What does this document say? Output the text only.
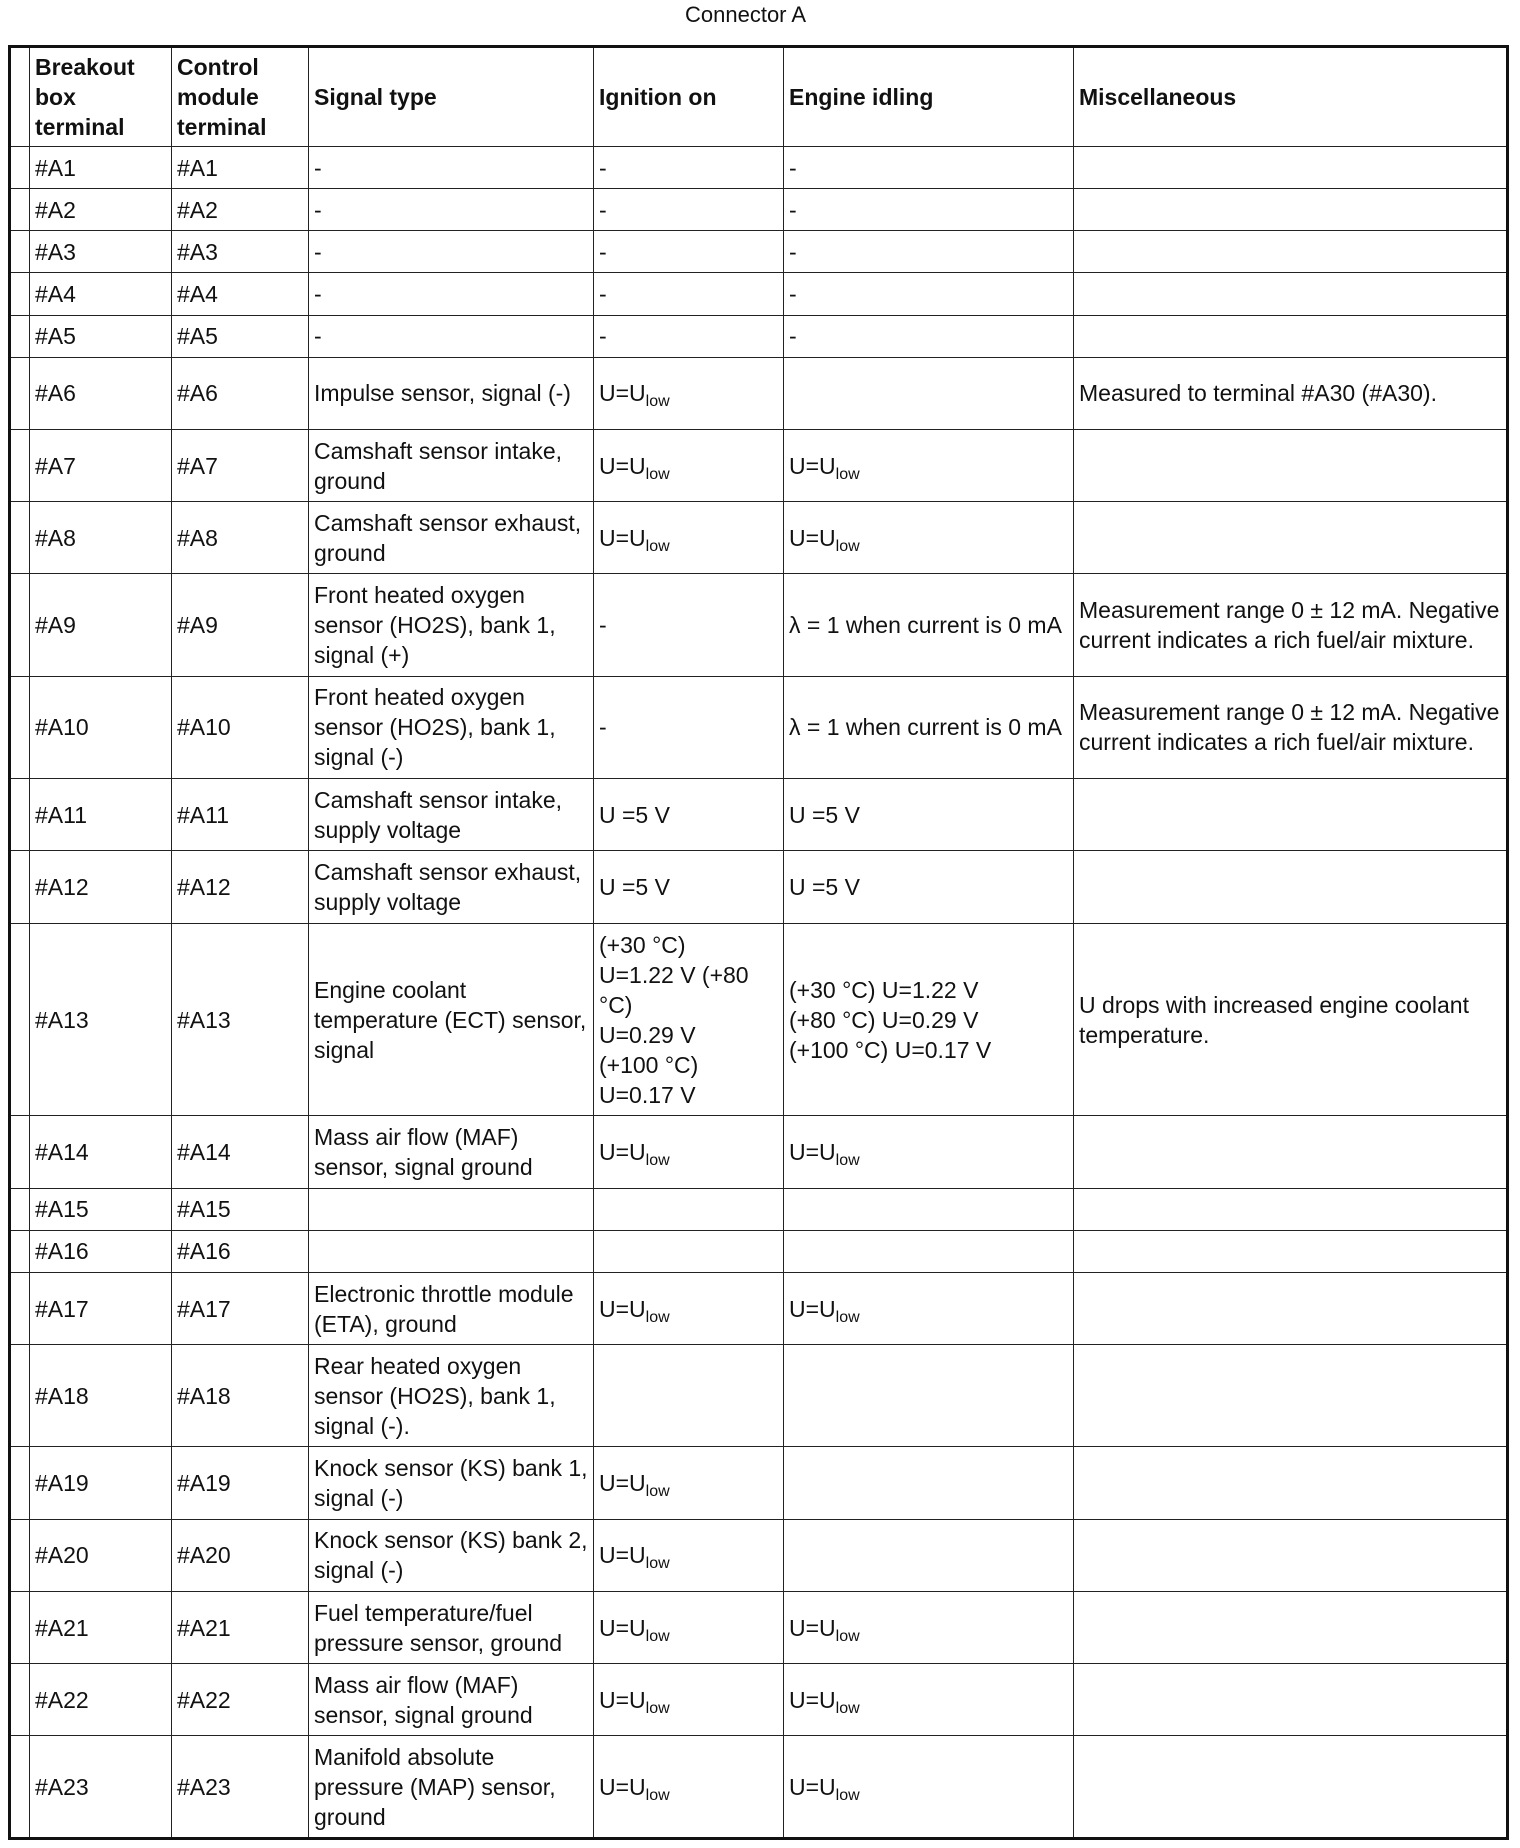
Connector A
	Breakout box terminal	Control module terminal	Signal type	Ignition on	Engine idling	Miscellaneous
	#A1	#A1	-	-	-	
	#A2	#A2	-	-	-	
	#A3	#A3	-	-	-	
	#A4	#A4	-	-	-	
	#A5	#A5	-	-	-	
	#A6	#A6	Impulse sensor, signal (-)	$U=U_{low}$		Measured to terminal #A30 (#A30).
	#A7	#A7	Camshaft sensor intake, ground	$U=U_{low}$	$U=U_{low}$	
	#A8	#A8	Camshaft sensor exhaust, ground	$U=U_{low}$	$U=U_{low}$	
	#A9	#A9	Front heated oxygen sensor (HO2S), bank 1, signal (+)	-	λ = 1 when current is 0 mA	Measurement range 0 ± 12 mA. Negative current indicates a rich fuel/air mixture.
	#A10	#A10	Front heated oxygen sensor (HO2S), bank 1, signal (-)	-	λ = 1 when current is 0 mA	Measurement range 0 ± 12 mA. Negative current indicates a rich fuel/air mixture.
	#A11	#A11	Camshaft sensor intake, supply voltage	U =5 V	U =5 V	
	#A12	#A12	Camshaft sensor exhaust, supply voltage	U =5 V	U =5 V	
	#A13	#A13	Engine coolant temperature (ECT) sensor, signal	(+30 °C)
U=1.22 V (+80 °C)
U=0.29 V
(+100 °C)
U=0.17 V	(+30 °C) U=1.22 V
(+80 °C) U=0.29 V
(+100 °C) U=0.17 V	U drops with increased engine coolant temperature.
	#A14	#A14	Mass air flow (MAF) sensor, signal ground	$U=U_{low}$	$U=U_{low}$	
	#A15	#A15				
	#A16	#A16				
	#A17	#A17	Electronic throttle module (ETA), ground	$U=U_{low}$	$U=U_{low}$	
	#A18	#A18	Rear heated oxygen sensor (HO2S), bank 1, signal (-).			
	#A19	#A19	Knock sensor (KS) bank 1, signal (-)	$U=U_{low}$		
	#A20	#A20	Knock sensor (KS) bank 2, signal (-)	$U=U_{low}$		
	#A21	#A21	Fuel temperature/fuel pressure sensor, ground	$U=U_{low}$	$U=U_{low}$	
	#A22	#A22	Mass air flow (MAF) sensor, signal ground	$U=U_{low}$	$U=U_{low}$	
	#A23	#A23	Manifold absolute pressure (MAP) sensor, ground	$U=U_{low}$	$U=U_{low}$	
